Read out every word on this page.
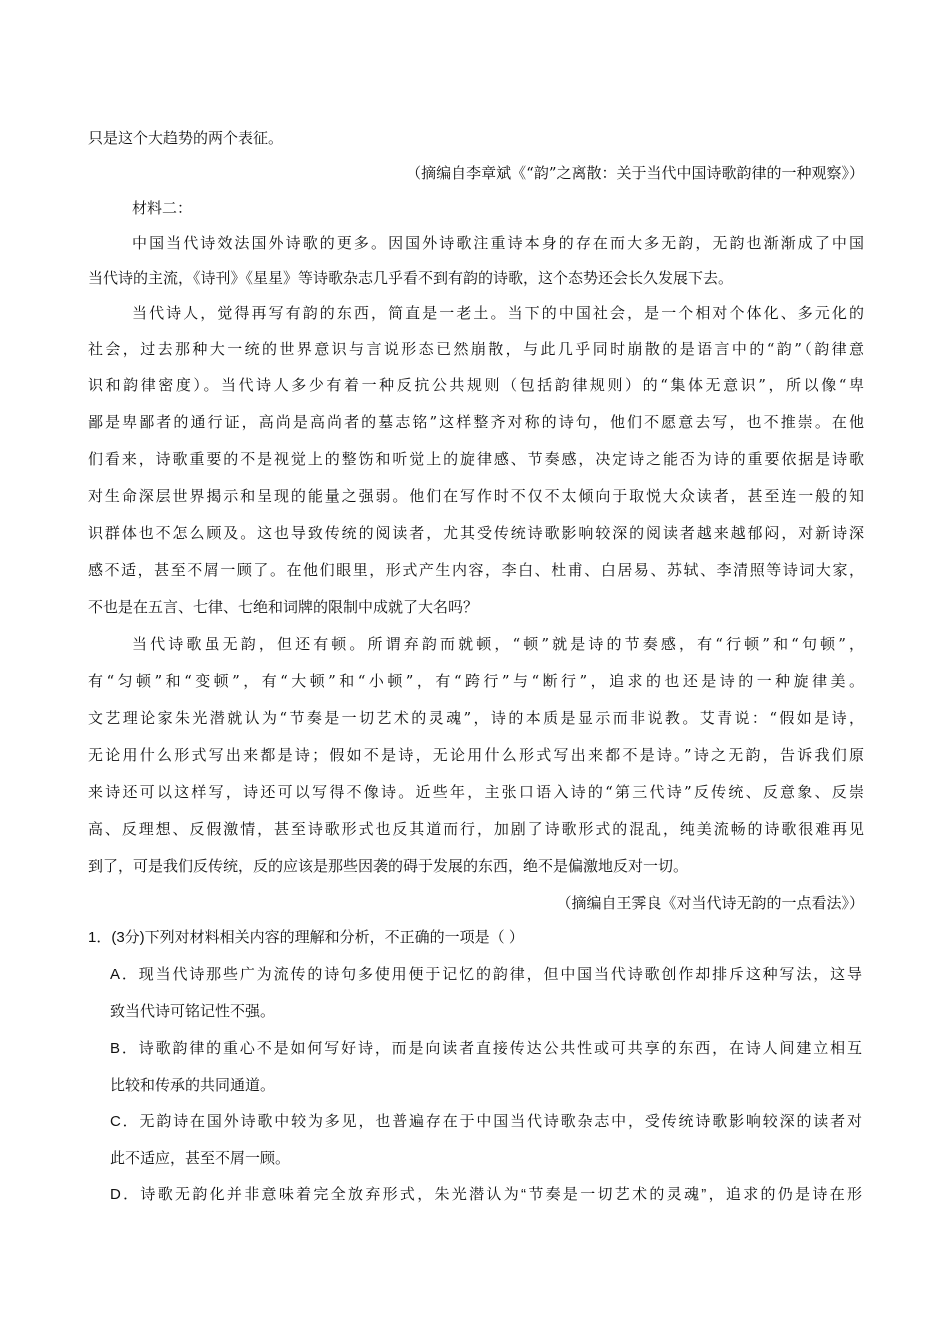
只是这个大趋势的两个表征。
（摘编自李章斌《“韵”之离散：关于当代中国诗歌韵律的一种观察》）
材料二：
中国当代诗效法国外诗歌的更多。因国外诗歌注重诗本身的存在而大多无韵，无韵也渐渐成了中国
当代诗的主流，《诗刊》《星星》等诗歌杂志几乎看不到有韵的诗歌，这个态势还会长久发展下去。
当代诗人，觉得再写有韵的东西，简直是一老土。当下的中国社会，是一个相对个体化、多元化的
社会，过去那种大一统的世界意识与言说形态已然崩散，与此几乎同时崩散的是语言中的“韵”（韵律意
识和韵律密度）。当代诗人多少有着一种反抗公共规则（包括韵律规则）的“集体无意识”，所以像“卑
鄙是卑鄙者的通行证，高尚是高尚者的墓志铭”这样整齐对称的诗句，他们不愿意去写，也不推崇。在他
们看来，诗歌重要的不是视觉上的整饬和听觉上的旋律感、节奏感，决定诗之能否为诗的重要依据是诗歌
对生命深层世界揭示和呈现的能量之强弱。他们在写作时不仅不太倾向于取悦大众读者，甚至连一般的知
识群体也不怎么顾及。这也导致传统的阅读者，尤其受传统诗歌影响较深的阅读者越来越郁闷，对新诗深
感不适，甚至不屑一顾了。在他们眼里，形式产生内容，李白、杜甫、白居易、苏轼、李清照等诗词大家，
不也是在五言、七律、七绝和词牌的限制中成就了大名吗？
当代诗歌虽无韵，但还有顿。所谓弃韵而就顿，“顿”就是诗的节奏感，有“行顿”和“句顿”，
有“匀顿”和“变顿”，有“大顿”和“小顿”，有“跨行”与“断行”，追求的也还是诗的一种旋律美。
文艺理论家朱光潜就认为“节奏是一切艺术的灵魂”，诗的本质是显示而非说教。艾青说：“假如是诗，
无论用什么形式写出来都是诗；假如不是诗，无论用什么形式写出来都不是诗。”诗之无韵，告诉我们原
来诗还可以这样写，诗还可以写得不像诗。近些年，主张口语入诗的“第三代诗”反传统、反意象、反崇
高、反理想、反假激情，甚至诗歌形式也反其道而行，加剧了诗歌形式的混乱，纯美流畅的诗歌很难再见
到了，可是我们反传统，反的应该是那些因袭的碍于发展的东西，绝不是偏激地反对一切。
（摘编自王霁良《对当代诗无韵的一点看法》）
1．(3分)下列对材料相关内容的理解和分析，不正确的一项是（ ）
A．现当代诗那些广为流传的诗句多使用便于记忆的韵律，但中国当代诗歌创作却排斥这种写法，这导
致当代诗可铭记性不强。
B．诗歌韵律的重心不是如何写好诗，而是向读者直接传达公共性或可共享的东西，在诗人间建立相互
比较和传承的共同通道。
C．无韵诗在国外诗歌中较为多见，也普遍存在于中国当代诗歌杂志中，受传统诗歌影响较深的读者对
此不适应，甚至不屑一顾。
D．诗歌无韵化并非意味着完全放弃形式，朱光潜认为“节奏是一切艺术的灵魂”，追求的仍是诗在形
